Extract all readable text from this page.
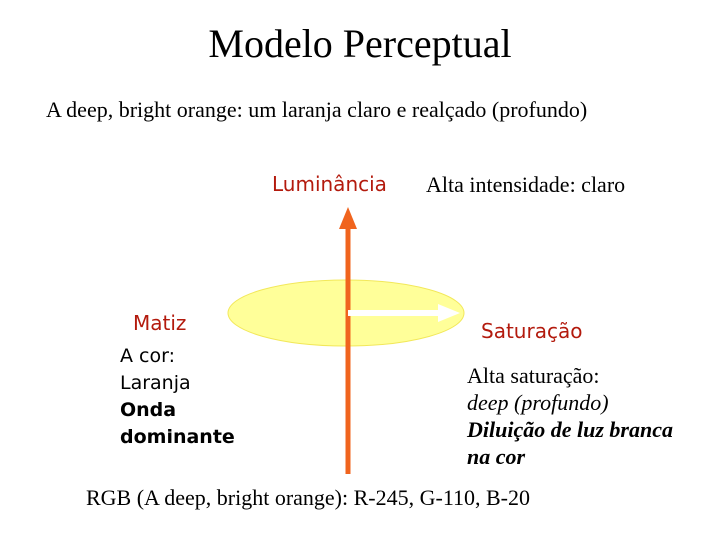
Modelo Perceptual
A deep, bright orange: um laranja claro e realçado (profundo)
Luminância Alta intensidade: claro
Matiz
A cor:
Laranja
Onda
dominante
Saturação
Alta saturação:
deep (profundo)
Diluição de luz branca
na cor
RGB (A deep, bright orange): R-245, G-110, B-20
